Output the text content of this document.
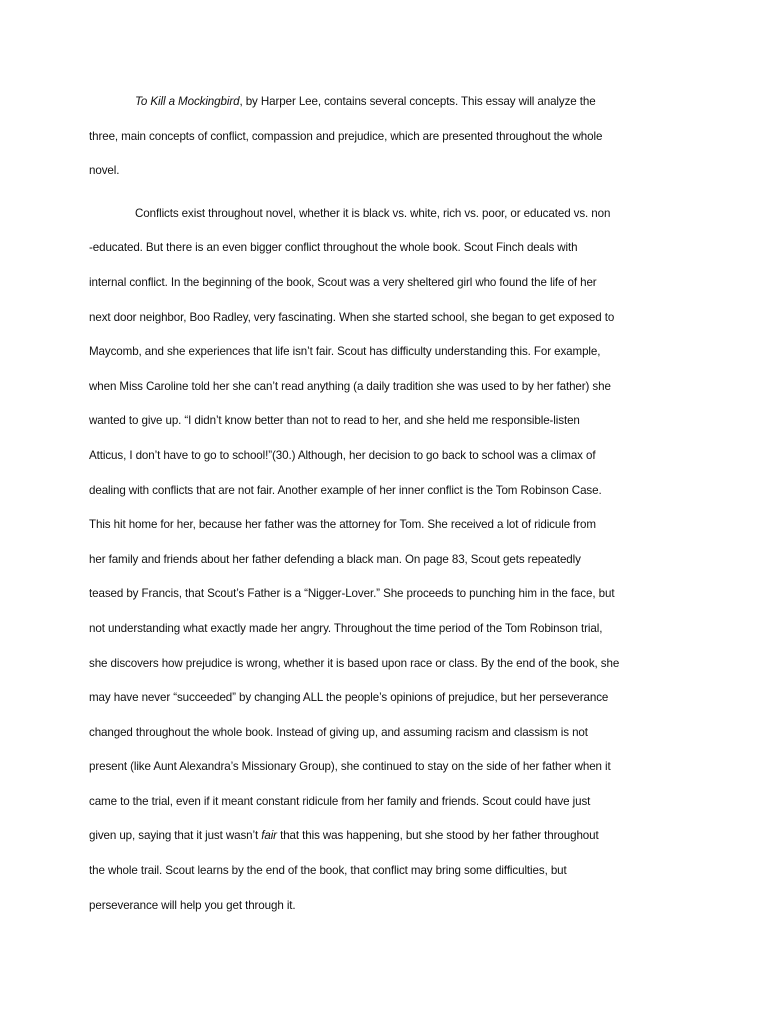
To Kill a Mockingbird, by Harper Lee, contains several concepts. This essay will analyze the
three, main concepts of conflict, compassion and prejudice, which are presented throughout the whole
novel.
Conflicts exist throughout novel, whether it is black vs. white, rich vs. poor, or educated vs. non
-educated. But there is an even bigger conflict throughout the whole book. Scout Finch deals with
internal conflict. In the beginning of the book, Scout was a very sheltered girl who found the life of her
next door neighbor, Boo Radley, very fascinating. When she started school, she began to get exposed to
Maycomb, and she experiences that life isn’t fair. Scout has difficulty understanding this. For example,
when Miss Caroline told her she can’t read anything (a daily tradition she was used to by her father) she
wanted to give up. “I didn’t know better than not to read to her, and she held me responsible-listen
Atticus, I don’t have to go to school!”(30.) Although, her decision to go back to school was a climax of
dealing with conflicts that are not fair. Another example of her inner conflict is the Tom Robinson Case.
This hit home for her, because her father was the attorney for Tom. She received a lot of ridicule from
her family and friends about her father defending a black man. On page 83, Scout gets repeatedly
teased by Francis, that Scout’s Father is a “Nigger-Lover.” She proceeds to punching him in the face, but
not understanding what exactly made her angry. Throughout the time period of the Tom Robinson trial,
she discovers how prejudice is wrong, whether it is based upon race or class. By the end of the book, she
may have never “succeeded” by changing ALL the people’s opinions of prejudice, but her perseverance
changed throughout the whole book. Instead of giving up, and assuming racism and classism is not
present (like Aunt Alexandra’s Missionary Group), she continued to stay on the side of her father when it
came to the trial, even if it meant constant ridicule from her family and friends. Scout could have just
given up, saying that it just wasn’t fair that this was happening, but she stood by her father throughout
the whole trail. Scout learns by the end of the book, that conflict may bring some difficulties, but
perseverance will help you get through it.
